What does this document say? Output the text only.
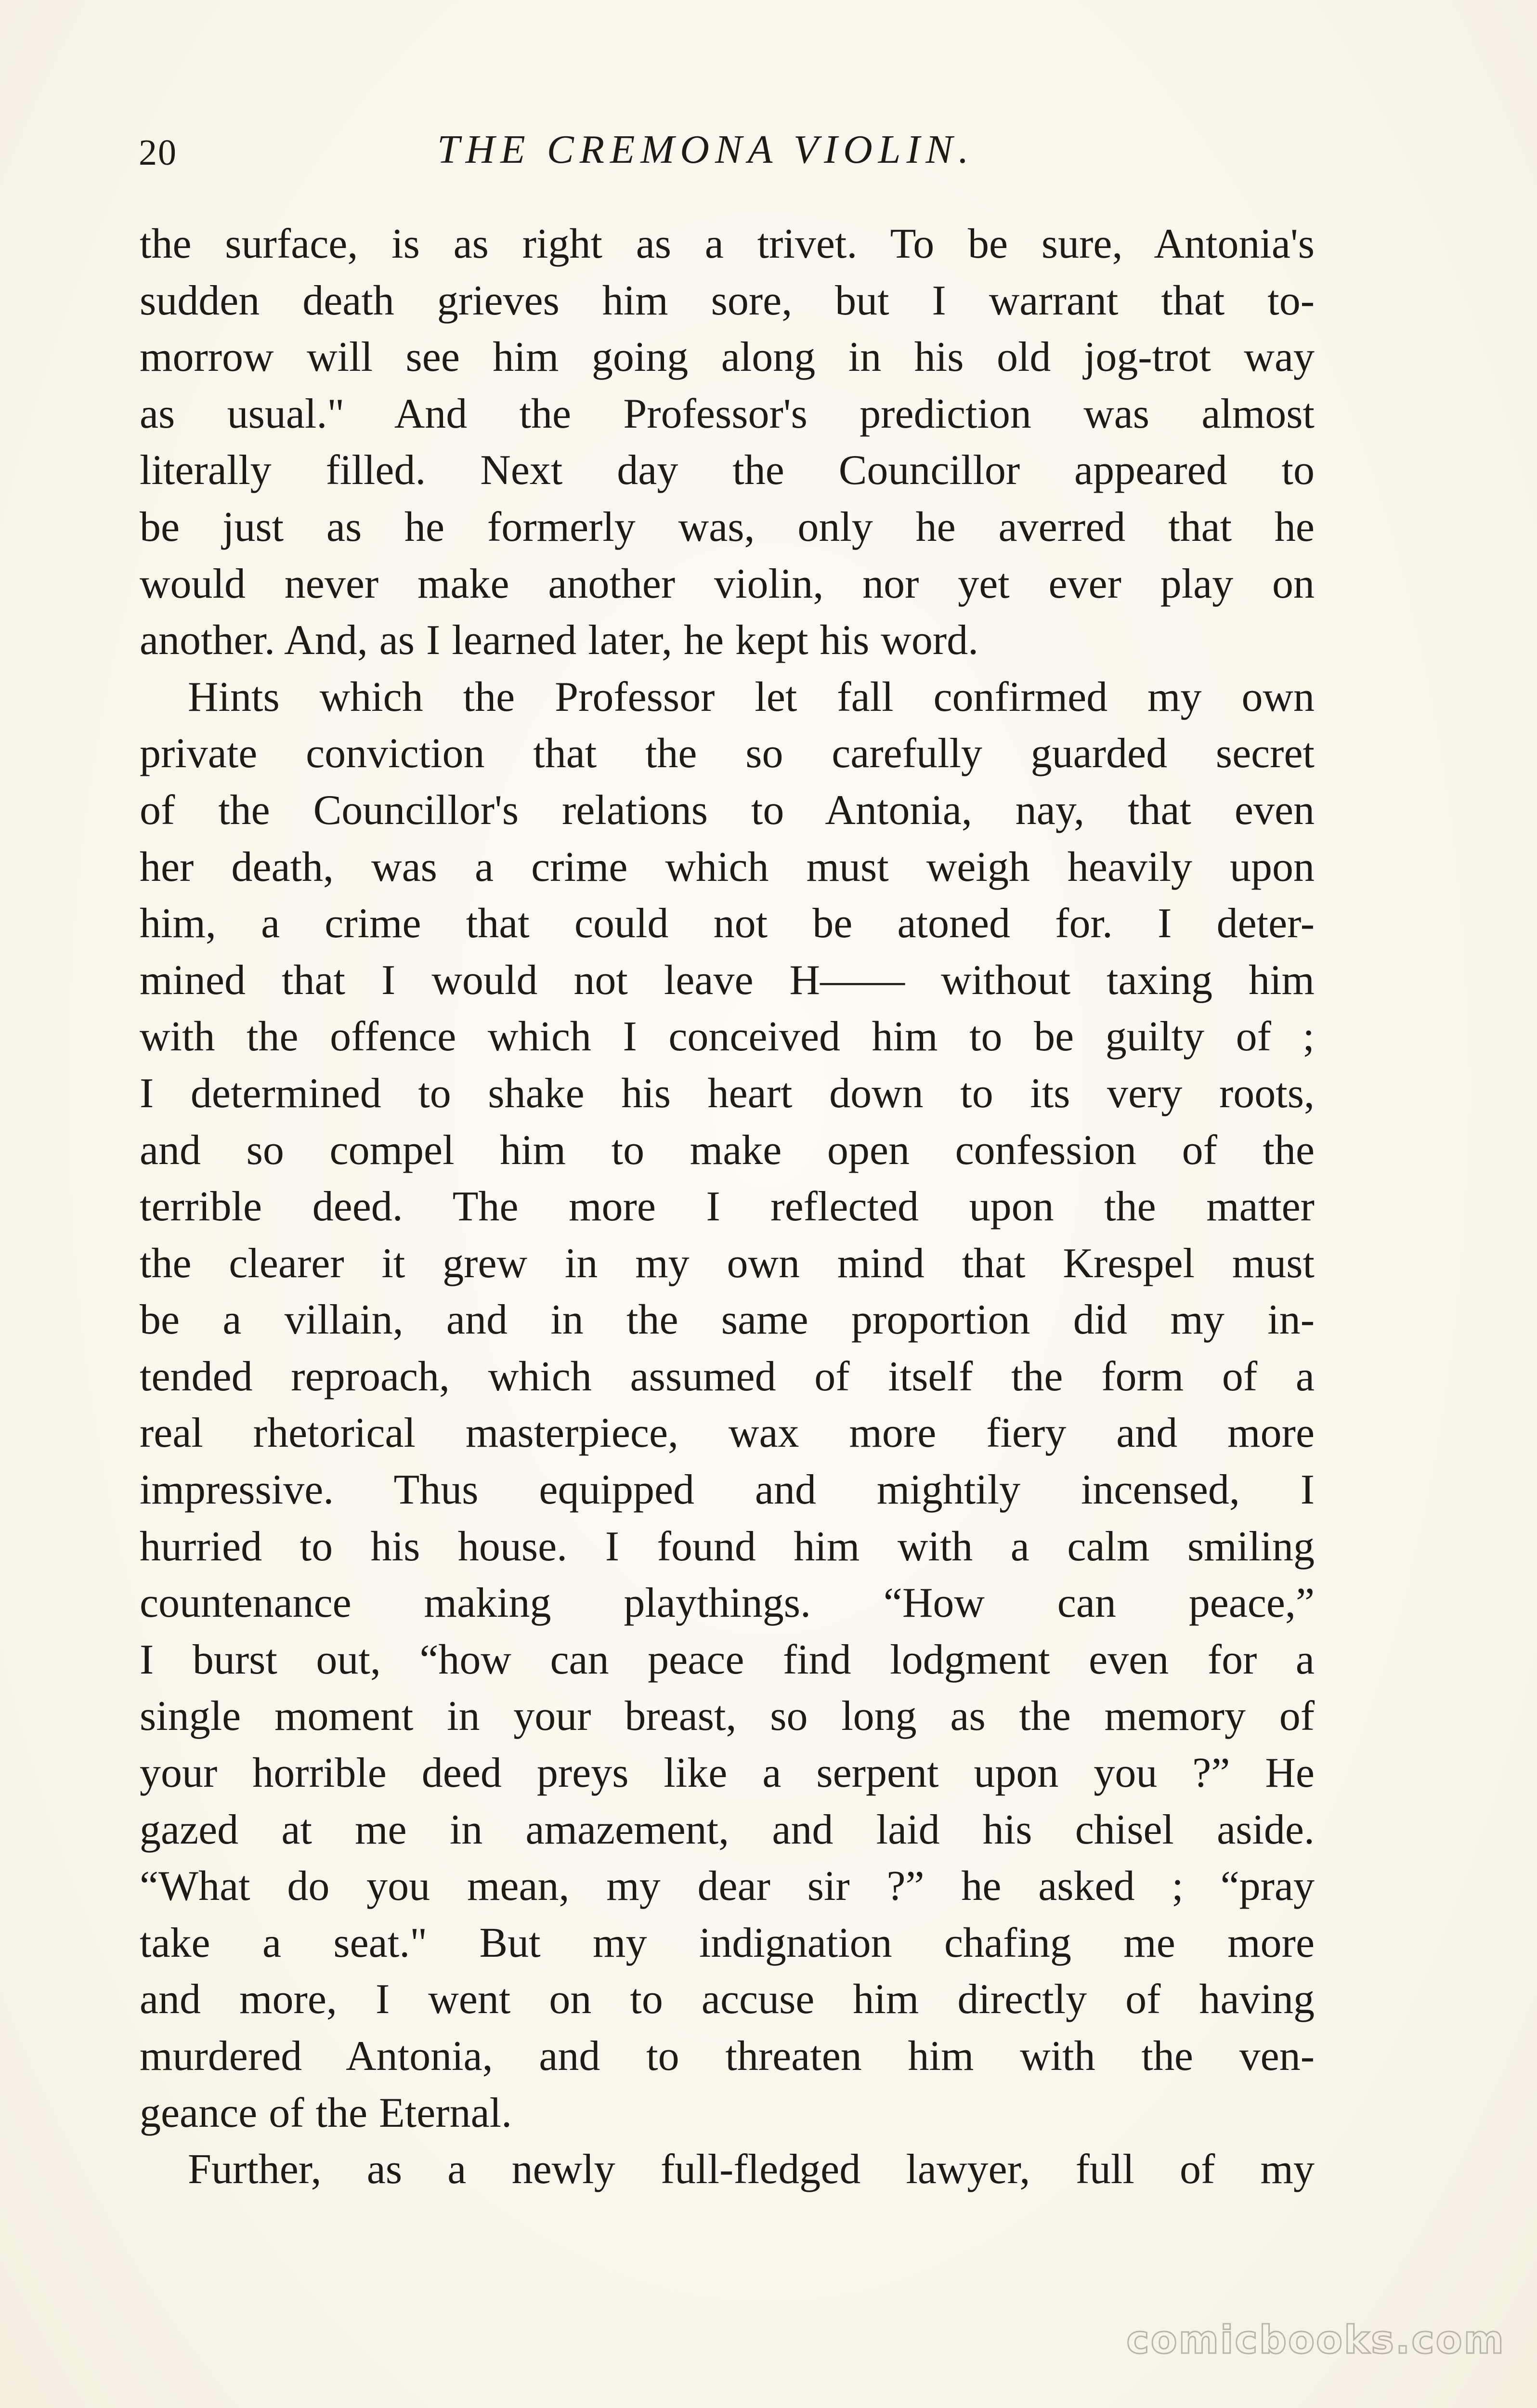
20	THE CREMONA VIOLIN.
the surface, is as right as a trivet. To be sure, Antonia's
sudden death grieves him sore, but I warrant that to-
morrow will see him going along in his old jog-trot way
as usual." And the Professor's prediction was almost
literally filled. Next day the Councillor appeared to
be just as he formerly was, only he averred that he
would never make another violin, nor yet ever play on
another. And, as I learned later, he kept his word.
Hints which the Professor let fall confirmed my own
private conviction that the so carefully guarded secret
of the Councillor's relations to Antonia, nay, that even
her death, was a crime which must weigh heavily upon
him, a crime that could not be atoned for. I deter-
mined that I would not leave H—— without taxing him
with the offence which I conceived him to be guilty of ;
I determined to shake his heart down to its very roots,
and so compel him to make open confession of the
terrible deed. The more I reflected upon the matter
the clearer it grew in my own mind that Krespel must
be a villain, and in the same proportion did my in-
tended reproach, which assumed of itself the form of a
real rhetorical masterpiece, wax more fiery and more
impressive. Thus equipped and mightily incensed, I
hurried to his house. I found him with a calm smiling
countenance making playthings. “How can peace,”
I burst out, “how can peace find lodgment even for a
single moment in your breast, so long as the memory of
your horrible deed preys like a serpent upon you ?” He
gazed at me in amazement, and laid his chisel aside.
“What do you mean, my dear sir ?” he asked ; “pray
take a seat." But my indignation chafing me more
and more, I went on to accuse him directly of having
murdered Antonia, and to threaten him with the ven-
geance of the Eternal.
Further, as a newly full-fledged lawyer, full of my
comicbooks.com
